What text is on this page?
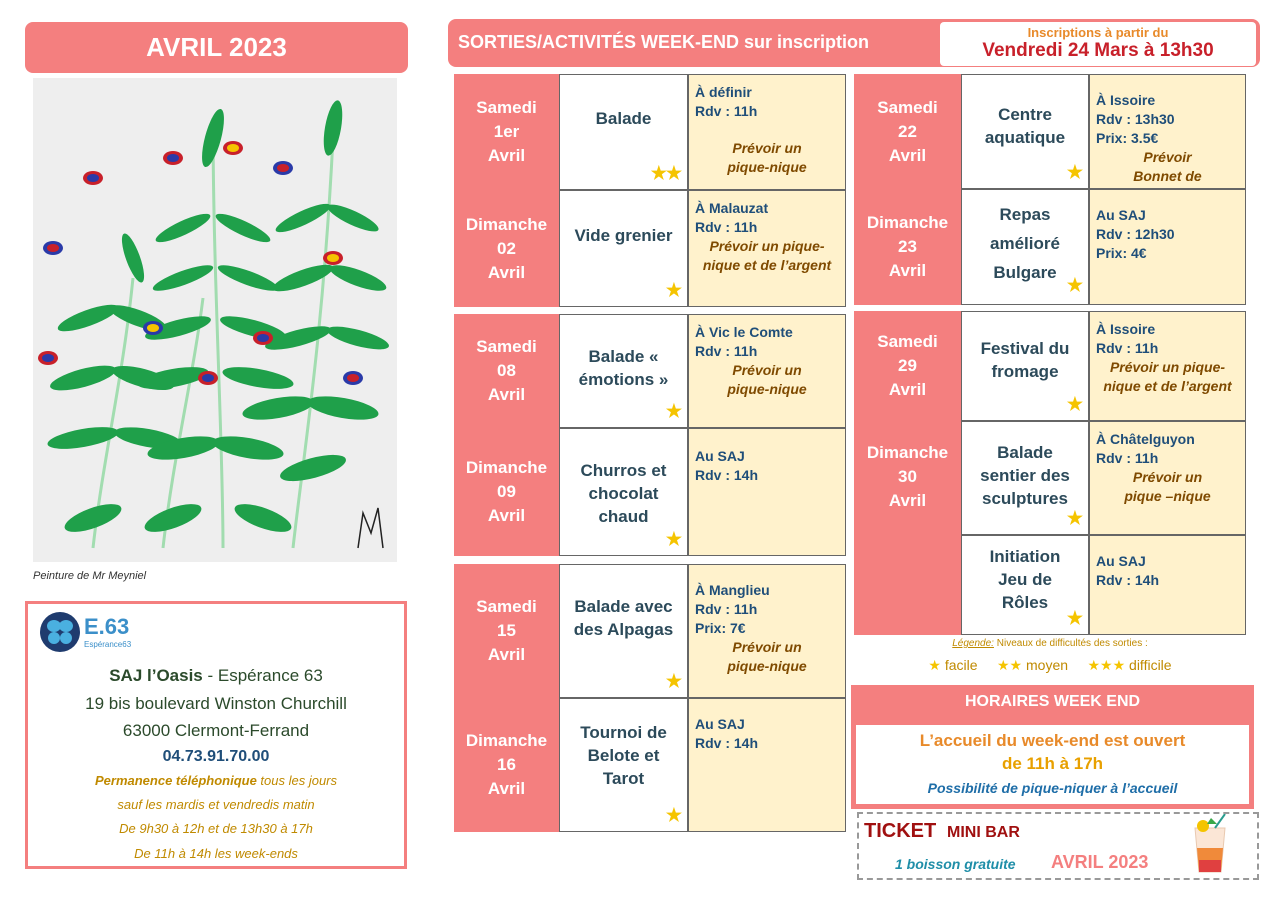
AVRIL 2023
Peinture de Mr Meyniel
E.63
Espérance63
SAJ l’Oasis - Espérance 63
19 bis boulevard Winston Churchill
63000 Clermont-Ferrand
04.73.91.70.00
Permanence téléphonique tous les jours
sauf les mardis et vendredis matin
De 9h30 à 12h et de 13h30 à 17h
De 11h à 14h les week-ends
SORTIES/ACTIVITÉS WEEK-END sur inscription	Inscriptions à partir du
Vendredi 24 Mars à 13h30
Samedi
1er
Avril
Dimanche
02
Avril
Balade
★★
À définir
Rdv : 11h
Prévoir un pique-nique
Vide grenier
★
À Malauzat
Rdv : 11h
Prévoir un pique-nique et de l’argent
Samedi
08
Avril
Dimanche
09
Avril
Balade « émotions »
★
À Vic le Comte
Rdv : 11h
Prévoir un pique-nique
Churros et chocolat chaud
★
Au SAJ
Rdv : 14h
Samedi
15
Avril
Dimanche
16
Avril
Balade avec des Alpagas
★
À Manglieu
Rdv : 11h
Prix: 7€
Prévoir un pique-nique
Tournoi de Belote et Tarot
★
Au SAJ
Rdv : 14h
Samedi
22
Avril
Dimanche
23
Avril
Centre aquatique
★
À Issoire
Rdv : 13h30
Prix: 3.5€
Prévoir Bonnet de
Repas amélioré Bulgare
★
Au SAJ
Rdv : 12h30
Prix: 4€
Samedi
29
Avril
Dimanche
30
Avril
Festival du fromage
★
À Issoire
Rdv : 11h
Prévoir un pique-nique et de l’argent
Balade sentier des sculptures
★
À Châtelguyon
Rdv : 11h
Prévoir un pique –nique
Initiation Jeu de Rôles
★
Au SAJ
Rdv : 14h
Légende: Niveaux de difficultés des sorties :
★ facile ★★ moyen ★★★ difficile
HORAIRES WEEK END
L’accueil du week-end est ouvert
de 11h à 17h
Possibilité de pique-niquer à l’accueil
TICKET MINI BAR
1 boisson gratuite AVRIL 2023
